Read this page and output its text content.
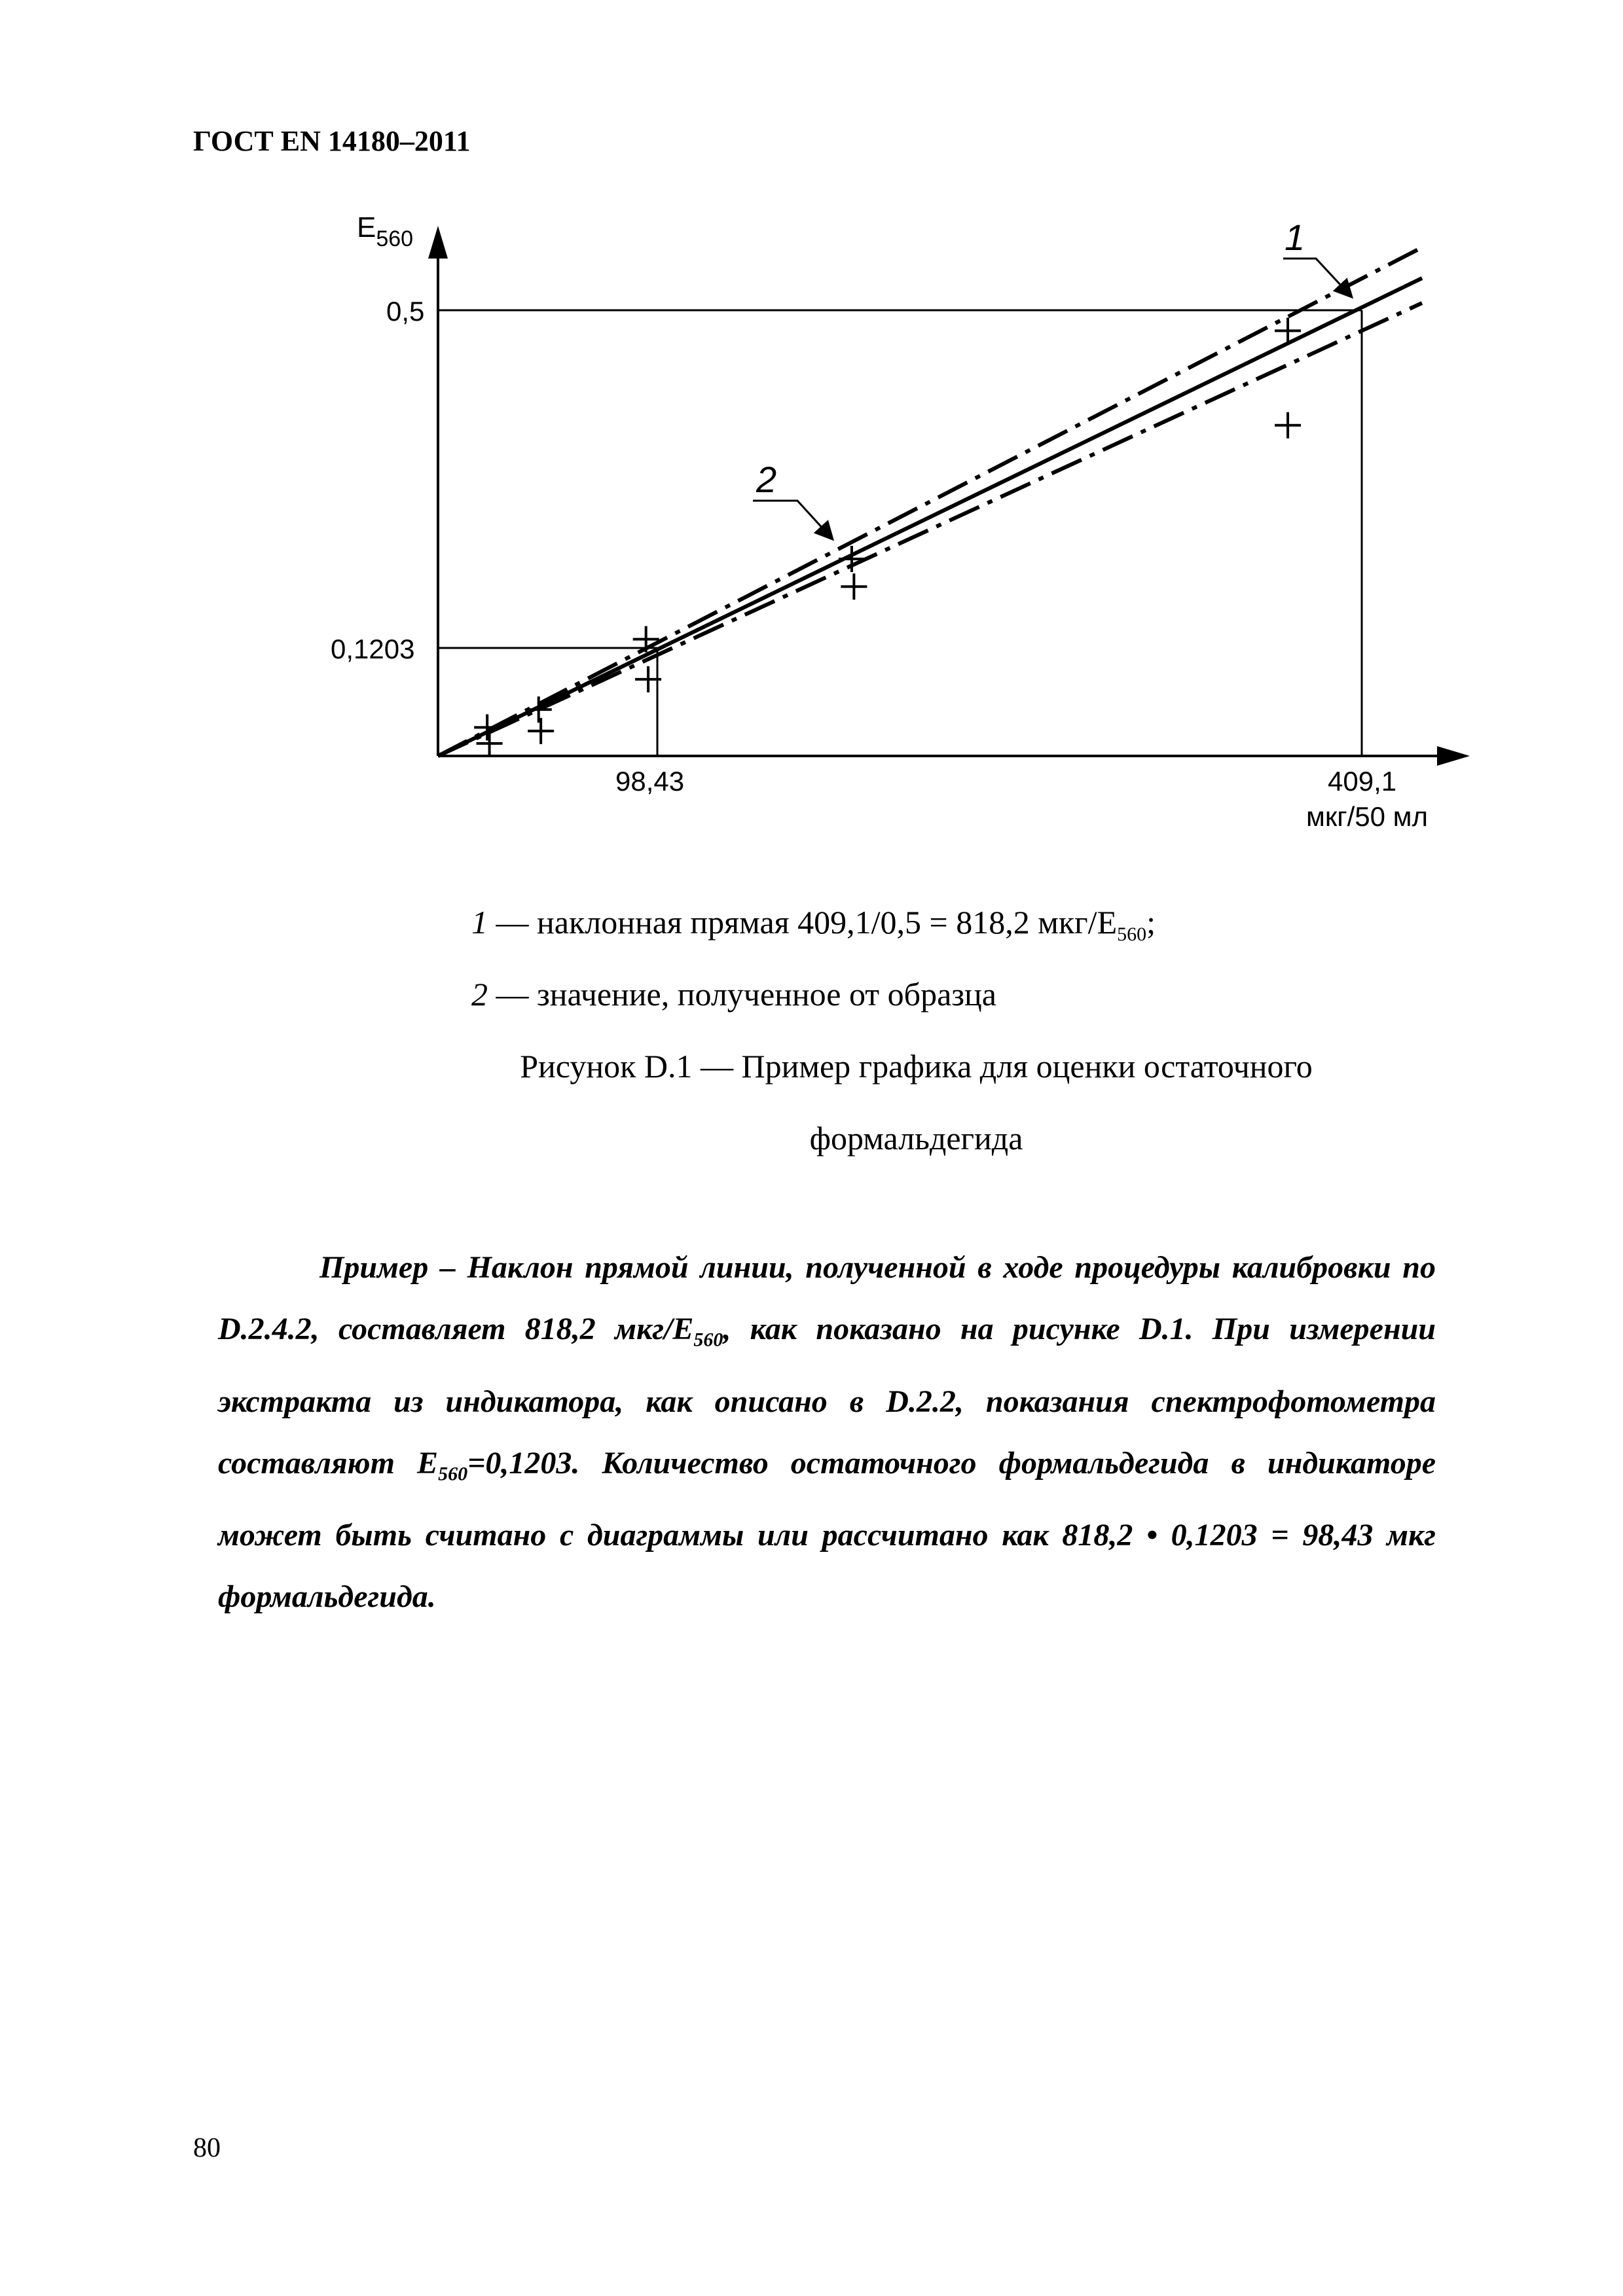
ГОСТ EN 14180–2011
$E_{560}$
0,5
0,1203
98,43	409,1
мкг/50 мл
1
2
1 — наклонная прямая 409,1/0,5 = 818,2 мкг/$E_{560}$;
2 — значение, полученное от образца
Рисунок D.1 — Пример графика для оценки остаточного
формальдегида

Пример – Наклон прямой линии, полученной в ходе процедуры калибровки по D.2.4.2, составляет 818,2 мкг/$E_{560}$, как показано на рисунке D.1. При измерении экстракта из индикатора, как описано в D.2.2, показания спектрофотометра составляют $E_{560}=0,1203$. Количество остаточного формальдегида в индикаторе может быть считано с диаграммы или рассчитано как 818,2 • 0,1203 = 98,43 мкг формальдегида.

80
